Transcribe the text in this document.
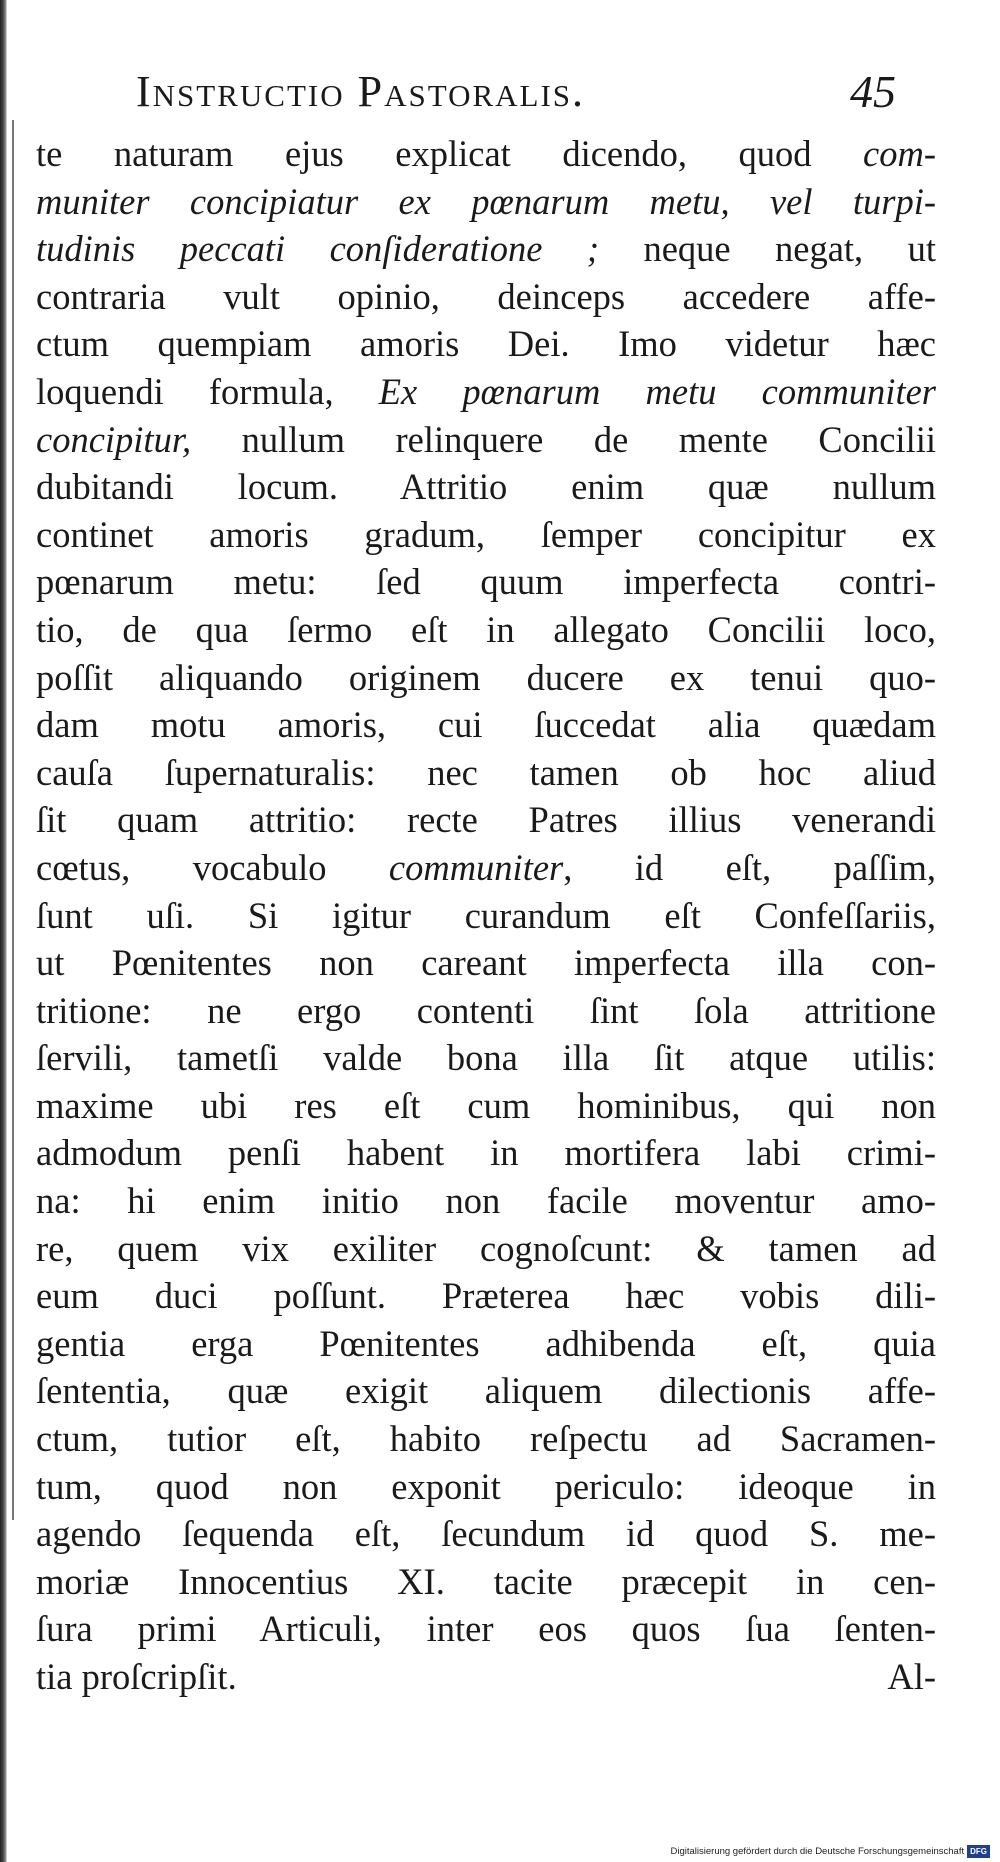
Instructio Pastoralis.	45
te naturam ejus explicat dicendo, quod com-
muniter concipiatur ex pœnarum metu, vel turpi-
tudinis peccati conſideratione ; neque negat, ut
contraria vult opinio, deinceps accedere affe-
ctum quempiam amoris Dei. Imo videtur hæc
loquendi formula, Ex pœnarum metu communiter
concipitur, nullum relinquere de mente Concilii
dubitandi locum. Attritio enim quæ nullum
continet amoris gradum, ſemper concipitur ex
pœnarum metu: ſed quum imperfecta contri-
tio, de qua ſermo eſt in allegato Concilii loco,
poſſit aliquando originem ducere ex tenui quo-
dam motu amoris, cui ſuccedat alia quædam
cauſa ſupernaturalis: nec tamen ob hoc aliud
ſit quam attritio: recte Patres illius venerandi
cœtus, vocabulo communiter, id eſt, paſſim,
ſunt uſi. Si igitur curandum eſt Confeſſariis,
ut Pœnitentes non careant imperfecta illa con-
tritione: ne ergo contenti ſint ſola attritione
ſervili, tametſi valde bona illa ſit atque utilis:
maxime ubi res eſt cum hominibus, qui non
admodum penſi habent in mortifera labi crimi-
na: hi enim initio non facile moventur amo-
re, quem vix exiliter cognoſcunt: & tamen ad
eum duci poſſunt. Præterea hæc vobis dili-
gentia erga Pœnitentes adhibenda eſt, quia
ſententia, quæ exigit aliquem dilectionis affe-
ctum, tutior eſt, habito reſpectu ad Sacramen-
tum, quod non exponit periculo: ideoque in
agendo ſequenda eſt, ſecundum id quod S. me-
moriæ Innocentius XI. tacite præcepit in cen-
ſura primi Articuli, inter eos quos ſua ſenten-
tia proſcripſit.	Al-
Digitalisierung gefördert durch die Deutsche Forschungsgemeinschaft DFG
